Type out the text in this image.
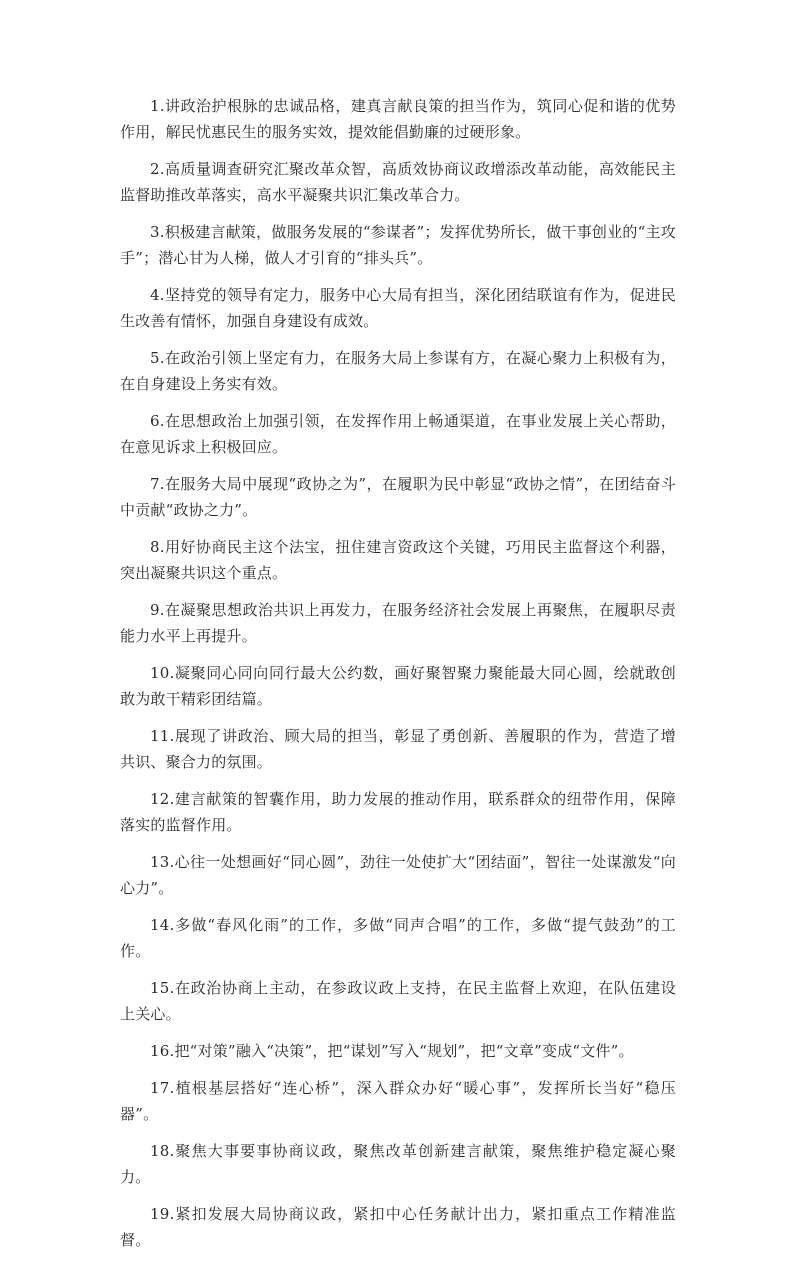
1.讲政治护根脉的忠诚品格，建真言献良策的担当作为，筑同心促和谐的优势作用，解民忧惠民生的服务实效，提效能倡勤廉的过硬形象。

2.高质量调查研究汇聚改革众智，高质效协商议政增添改革动能，高效能民主监督助推改革落实，高水平凝聚共识汇集改革合力。

3.积极建言献策，做服务发展的“参谋者”；发挥优势所长，做干事创业的“主攻手”；潜心甘为人梯，做人才引育的“排头兵”。

4.坚持党的领导有定力，服务中心大局有担当，深化团结联谊有作为，促进民生改善有情怀，加强自身建设有成效。

5.在政治引领上坚定有力，在服务大局上参谋有方，在凝心聚力上积极有为，在自身建设上务实有效。

6.在思想政治上加强引领，在发挥作用上畅通渠道，在事业发展上关心帮助，在意见诉求上积极回应。

7.在服务大局中展现“政协之为”，在履职为民中彰显“政协之情”，在团结奋斗中贡献“政协之力”。

8.用好协商民主这个法宝，扭住建言资政这个关键，巧用民主监督这个利器，突出凝聚共识这个重点。

9.在凝聚思想政治共识上再发力，在服务经济社会发展上再聚焦，在履职尽责能力水平上再提升。

10.凝聚同心同向同行最大公约数，画好聚智聚力聚能最大同心圆，绘就敢创敢为敢干精彩团结篇。

11.展现了讲政治、顾大局的担当，彰显了勇创新、善履职的作为，营造了增共识、聚合力的氛围。

12.建言献策的智囊作用，助力发展的推动作用，联系群众的纽带作用，保障落实的监督作用。

13.心往一处想画好“同心圆”，劲往一处使扩大“团结面”，智往一处谋激发“向心力”。

14.多做“春风化雨”的工作，多做“同声合唱”的工作，多做“提气鼓劲”的工作。

15.在政治协商上主动，在参政议政上支持，在民主监督上欢迎，在队伍建设上关心。

16.把“对策”融入“决策”，把“谋划”写入“规划”，把“文章”变成“文件”。

17.植根基层搭好“连心桥”，深入群众办好“暖心事”，发挥所长当好“稳压器”。

18.聚焦大事要事协商议政，聚焦改革创新建言献策，聚焦维护稳定凝心聚力。

19.紧扣发展大局协商议政，紧扣中心任务献计出力，紧扣重点工作精准监督。
